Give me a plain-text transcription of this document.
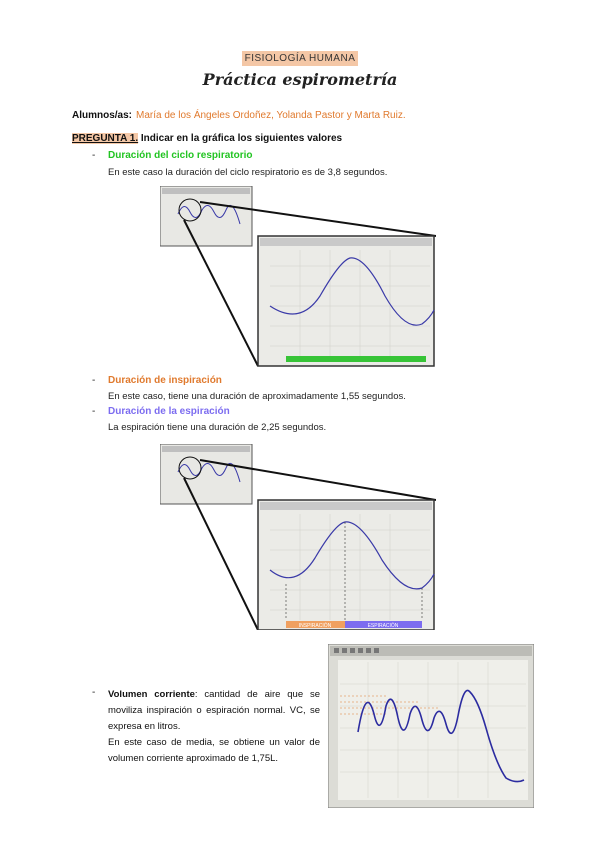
FISIOLOGÍA HUMANA
Práctica espirometría
Alumnos/as: María de los Ángeles Ordoñez, Yolanda Pastor y Marta Ruiz.
PREGUNTA 1. Indicar en la gráfica los siguientes valores
- Duración del ciclo respiratorio
En este caso la duración del ciclo respiratorio es de 3,8 segundos.
- Duración de inspiración
En este caso, tiene una duración de aproximadamente 1,55 segundos.
- Duración de la espiración
La espiración tiene una duración de 2,25 segundos.
INSPIRACIÓN	ESPIRACIÓN
- Volumen corriente: cantidad de aire que se moviliza inspiración o espiración normal. VC, se expresa en litros.
En este caso de media, se obtiene un valor de volumen corriente aproximado de 1,75L.
